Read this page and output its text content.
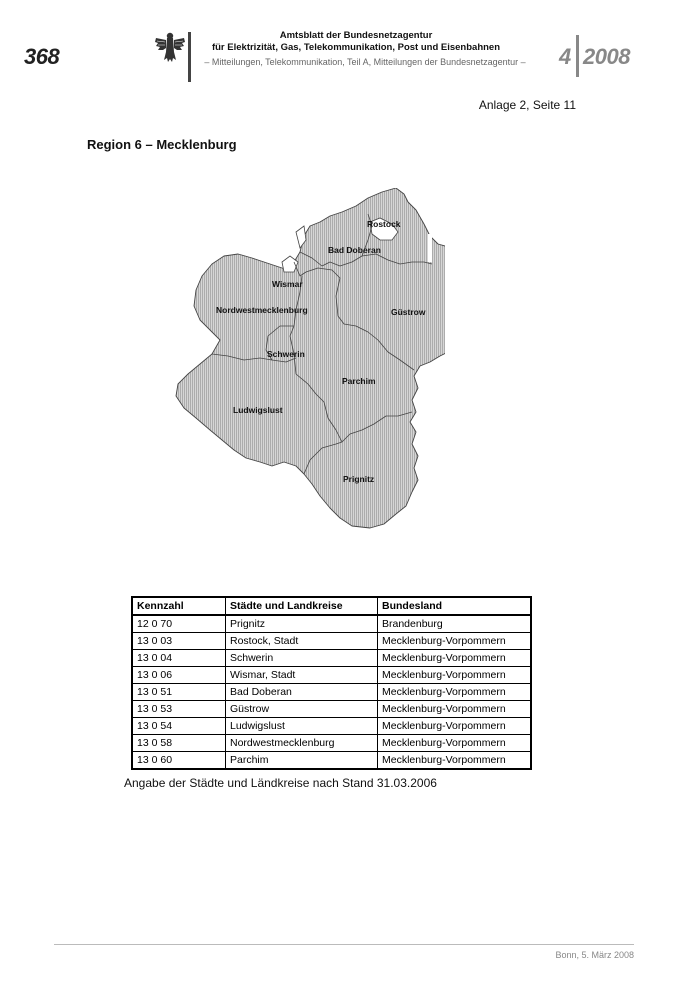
368
Amtsblatt der Bundesnetzagentur
für Elektrizität, Gas, Telekommunikation, Post und Eisenbahnen
– Mitteilungen, Telekommunikation, Teil A, Mitteilungen der Bundesnetzagentur –	4 2008
Anlage 2, Seite 11
Region 6 – Mecklenburg
Rostock
Bad Doberan
Wismar
Nordwestmecklenburg	Güstrow
Schwerin
Parchim
Ludwigslust
Prignitz
Kennzahl	Städte und Landkreise	Bundesland
12 0 70	Prignitz	Brandenburg
13 0 03	Rostock, Stadt	Mecklenburg-Vorpommern
13 0 04	Schwerin	Mecklenburg-Vorpommern
13 0 06	Wismar, Stadt	Mecklenburg-Vorpommern
13 0 51	Bad Doberan	Mecklenburg-Vorpommern
13 0 53	Güstrow	Mecklenburg-Vorpommern
13 0 54	Ludwigslust	Mecklenburg-Vorpommern
13 0 58	Nordwestmecklenburg	Mecklenburg-Vorpommern
13 0 60	Parchim	Mecklenburg-Vorpommern
Angabe der Städte und Ländkreise nach Stand 31.03.2006
Bonn, 5. März 2008
